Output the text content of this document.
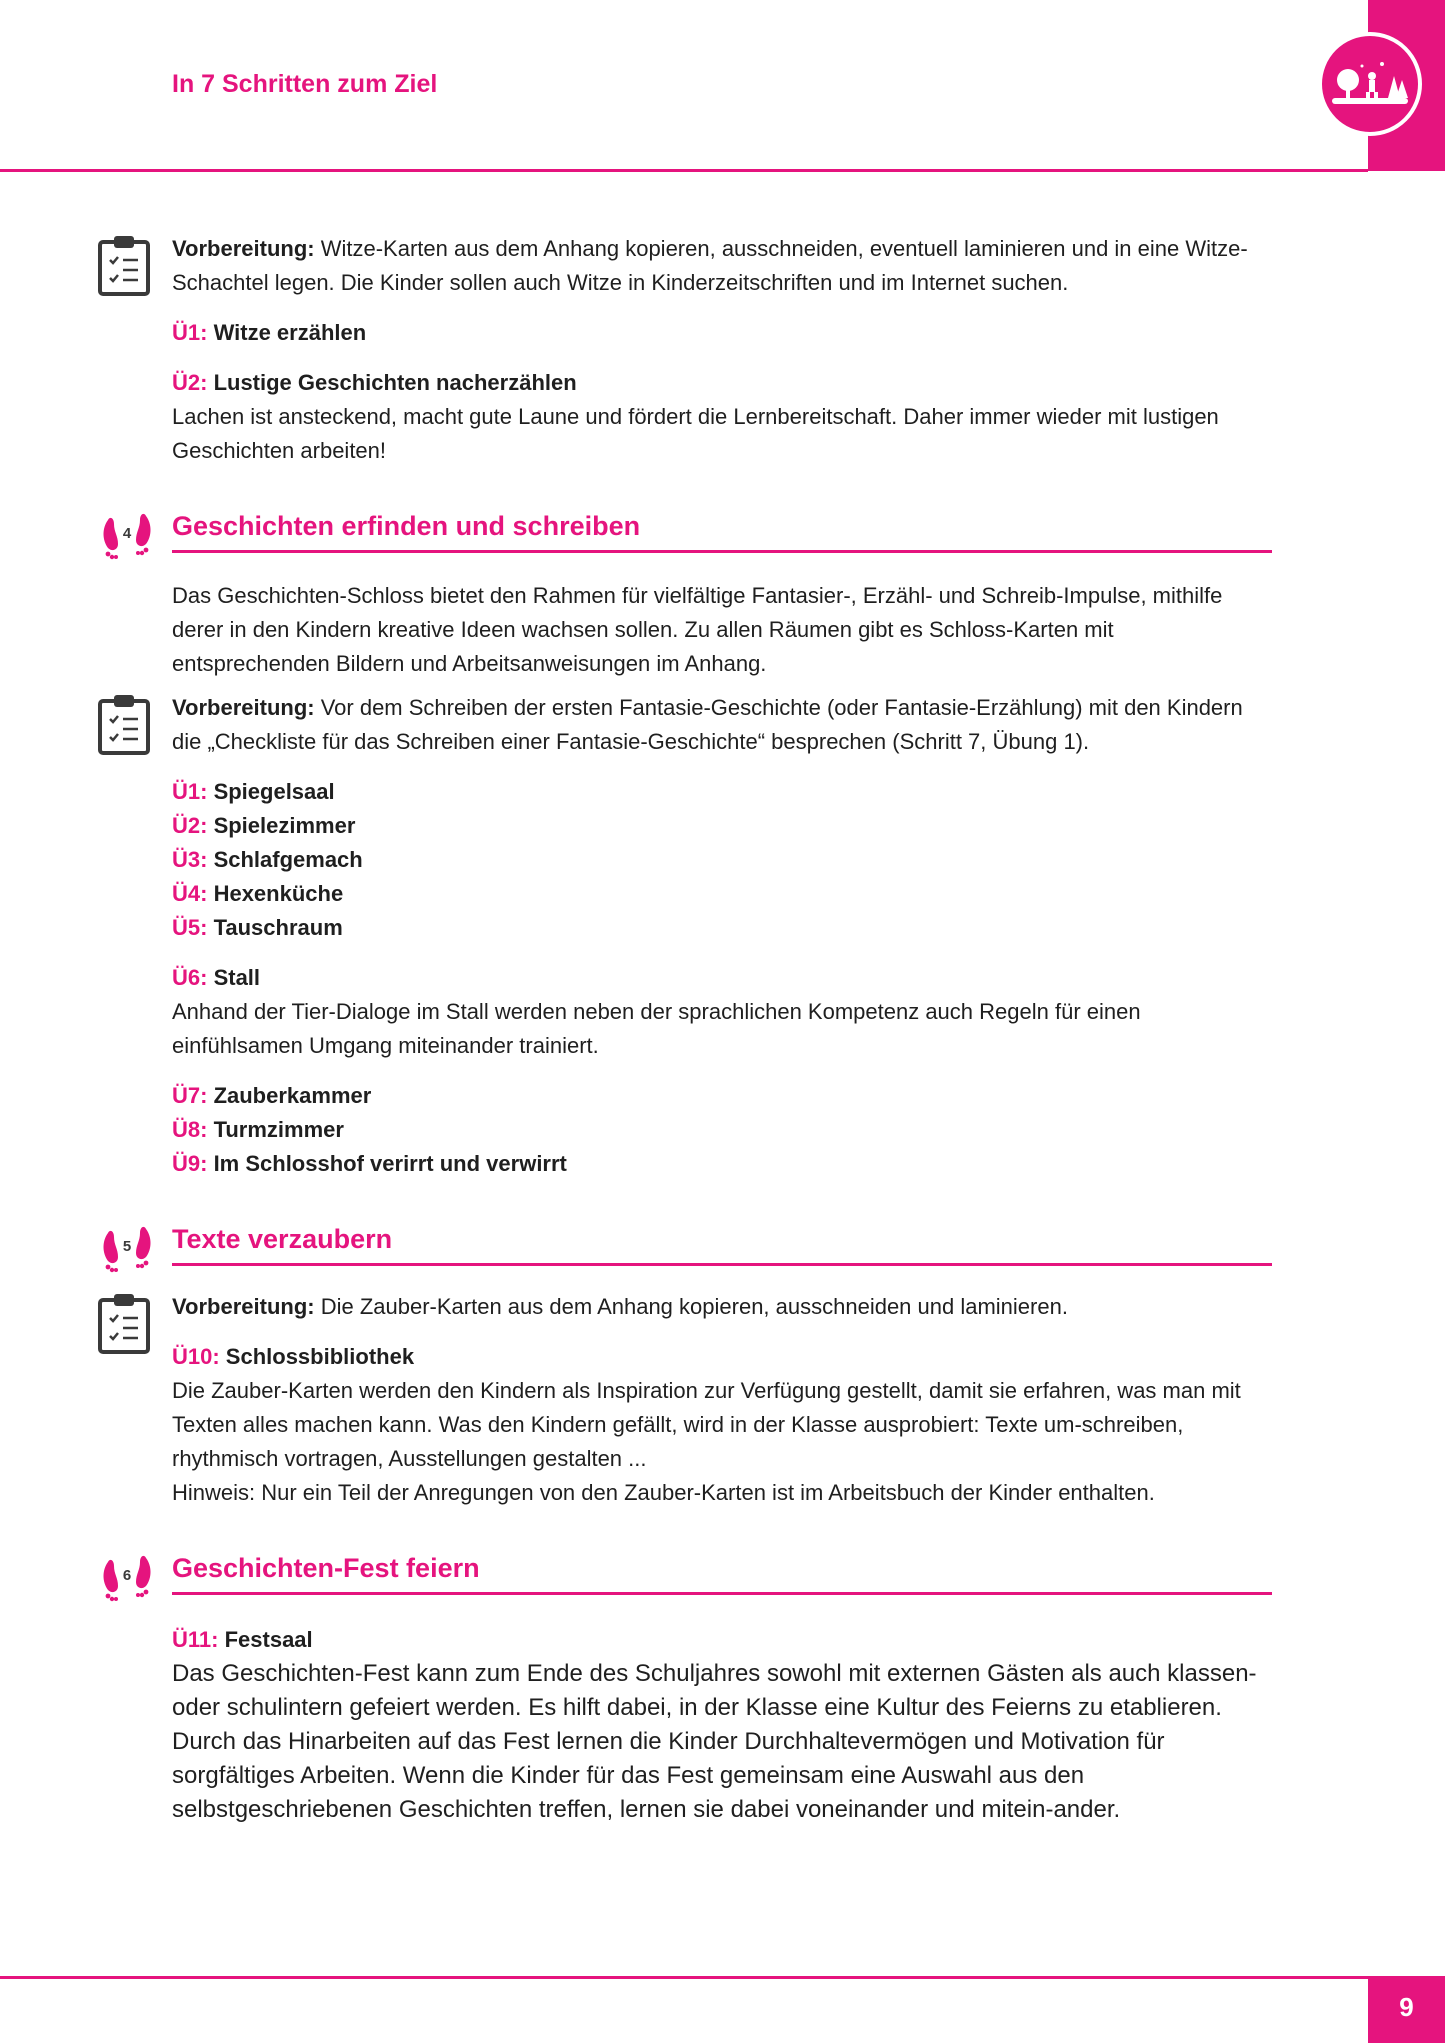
In 7 Schritten zum Ziel

Vorbereitung: Witze-Karten aus dem Anhang kopieren, ausschneiden, eventuell laminieren und in eine Witze-Schachtel legen. Die Kinder sollen auch Witze in Kinderzeitschriften und im Internet suchen.

Ü1: Witze erzählen

Ü2: Lustige Geschichten nacherzählen

Lachen ist ansteckend, macht gute Laune und fördert die Lernbereitschaft. Daher immer wieder mit lustigen Geschichten arbeiten!

4 Geschichten erfinden und schreiben

Das Geschichten-Schloss bietet den Rahmen für vielfältige Fantasier-, Erzähl- und Schreib-Impulse, mithilfe derer in den Kindern kreative Ideen wachsen sollen. Zu allen Räumen gibt es Schloss-Karten mit entsprechenden Bildern und Arbeitsanweisungen im Anhang.

Vorbereitung: Vor dem Schreiben der ersten Fantasie-Geschichte (oder Fantasie-Erzählung) mit den Kindern die „Checkliste für das Schreiben einer Fantasie-Geschichte“ besprechen (Schritt 7, Übung 1).

Ü1: Spiegelsaal

Ü2: Spielezimmer

Ü3: Schlafgemach

Ü4: Hexenküche

Ü5: Tauschraum

Ü6: Stall

Anhand der Tier-Dialoge im Stall werden neben der sprachlichen Kompetenz auch Regeln für einen einfühlsamen Umgang miteinander trainiert.

Ü7: Zauberkammer

Ü8: Turmzimmer

Ü9: Im Schlosshof verirrt und verwirrt

5 Texte verzaubern

Vorbereitung: Die Zauber-Karten aus dem Anhang kopieren, ausschneiden und laminieren.

Ü10: Schlossbibliothek

Die Zauber-Karten werden den Kindern als Inspiration zur Verfügung gestellt, damit sie erfahren, was man mit Texten alles machen kann. Was den Kindern gefällt, wird in der Klasse ausprobiert: Texte um-schreiben, rhythmisch vortragen, Ausstellungen gestalten ...

Hinweis: Nur ein Teil der Anregungen von den Zauber-Karten ist im Arbeitsbuch der Kinder enthalten.

6 Geschichten-Fest feiern

Ü11: Festsaal

Das Geschichten-Fest kann zum Ende des Schuljahres sowohl mit externen Gästen als auch klassen- oder schulintern gefeiert werden. Es hilft dabei, in der Klasse eine Kultur des Feierns zu etablieren. Durch das Hinarbeiten auf das Fest lernen die Kinder Durchhaltevermögen und Motivation für sorgfältiges Arbeiten. Wenn die Kinder für das Fest gemeinsam eine Auswahl aus den selbstgeschriebenen Geschichten treffen, lernen sie dabei voneinander und mitein-ander.

9
